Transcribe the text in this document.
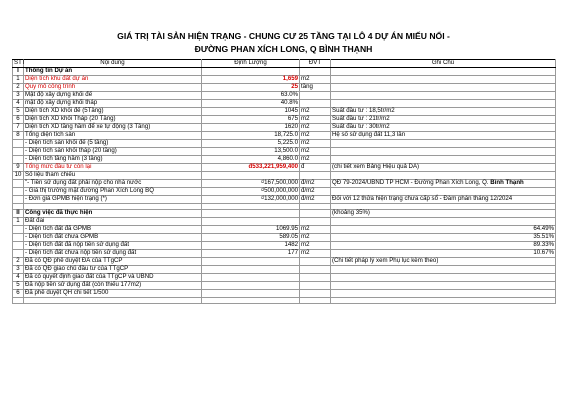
GIÁ TRỊ TÀI SẢN HIỆN TRẠNG - CHUNG CƯ 25 TẦNG TẠI LÔ 4 DỰ ÁN MIẾU NỔI -
ĐƯỜNG PHAN XÍCH LONG, Q BÌNH THẠNH
STT	Nội dung	Định Lượng	ĐVT	Ghi Chú

I	Thông tin Dự án			

1	Diện tích khu đất dự án	1,659	m2	

2	Quy mô công trình	25	tầng	

3	Mật độ xây dựng khối đế	63.0%		

4	mật độ xây dựng khối tháp	40.8%		

5	Diện tích XD khối đế (5Tầng)	1045	m2	Suất đầu tư : 18,5tr/m2
6	Diện tích XD khối Tháp (20 Tầng)	675	m2	Suất đầu tư : 21tr/m2
7	Diện tích XD tầng hầm để xe tự động (3 Tầng)	1620	m2	Suất đầu tư : 30tr/m2
8	Tổng diện tích sàn	18,725.0	m2	Hệ số sử dụng đất 11,3 lần
	- Diện tích sàn khối đế (5 tầng)	5,225.0	m2	

	- Diện tích sàn khối tháp (20 tầng)	13,500.0	m2	

	- Diện tích tầng hầm (3 tầng)	4,860.0	m2	

9	Tổng mức đầu tư còn lại	đ533,221,959,400	đ	(chi tiết xem Bảng Hiệu quả DA)
10	Số liệu tham chiếu			

	"- Tiền sử dụng đất phải nộp cho nhà nước	₫167,500,000	đ/m2	QĐ 79-2024/UBND TP HCM - Đường Phan Xích Long, Q. Bình Thạnh
	- Giá thị trường mặt đường Phan Xích Long BQ	₫500,000,000	đ/m2	

	- Đơn giá GPMB hiện trạng (*)	₫132,000,000	đ/m2	Đối với 12 thửa hiện trạng chưa cấp sổ - Đàm phán tháng 12/2024

II	Công việc đã thực hiện			(khoảng 35%)
1	Đất đai			

	- Diện tích đất đã GPMB	1069.95	m2	64.49%

	- Diện tích đất chưa GPMB	589.05	m2	35.51%

	- Diện tích đất đã nộp tiền sử dụng đất	1482	m2	89.33%

	- Diện tích đất chưa nộp tiền sử dụng đất	177	m2	10.67%

2	Đã có QĐ phê duyệt ĐA của TTgCP			(Chi tiết pháp lý xem Phụ lục kèm theo)
3	Đã có QĐ giao chủ đầu tư của TTgCP			

4	Đã có quyết định giao đất của TTgCP và UBND			

5	Đã nộp tiền sử dụng đất (còn thiếu 177m2)			

6	Đã phê duyệt QH chi tiết 1/500			
